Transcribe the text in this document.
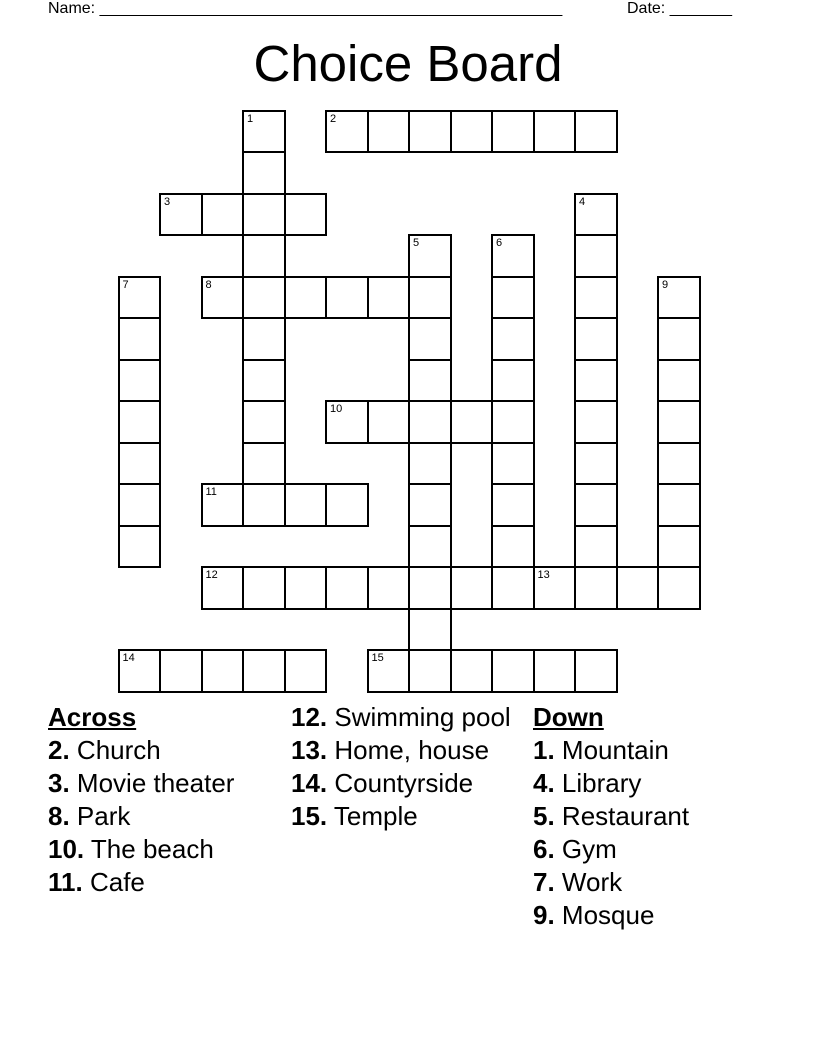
Name: ____________________________________________________	Date: _______
Choice Board
2
3
8
10
11
12	13
14	15
1
4
5	6
7	9
Across
2. Church
3. Movie theater
8. Park
10. The beach
11. Cafe
12. Swimming pool
13. Home, house
14. Countyrside
15. Temple
Down
1. Mountain
4. Library
5. Restaurant
6. Gym
7. Work
9. Mosque
